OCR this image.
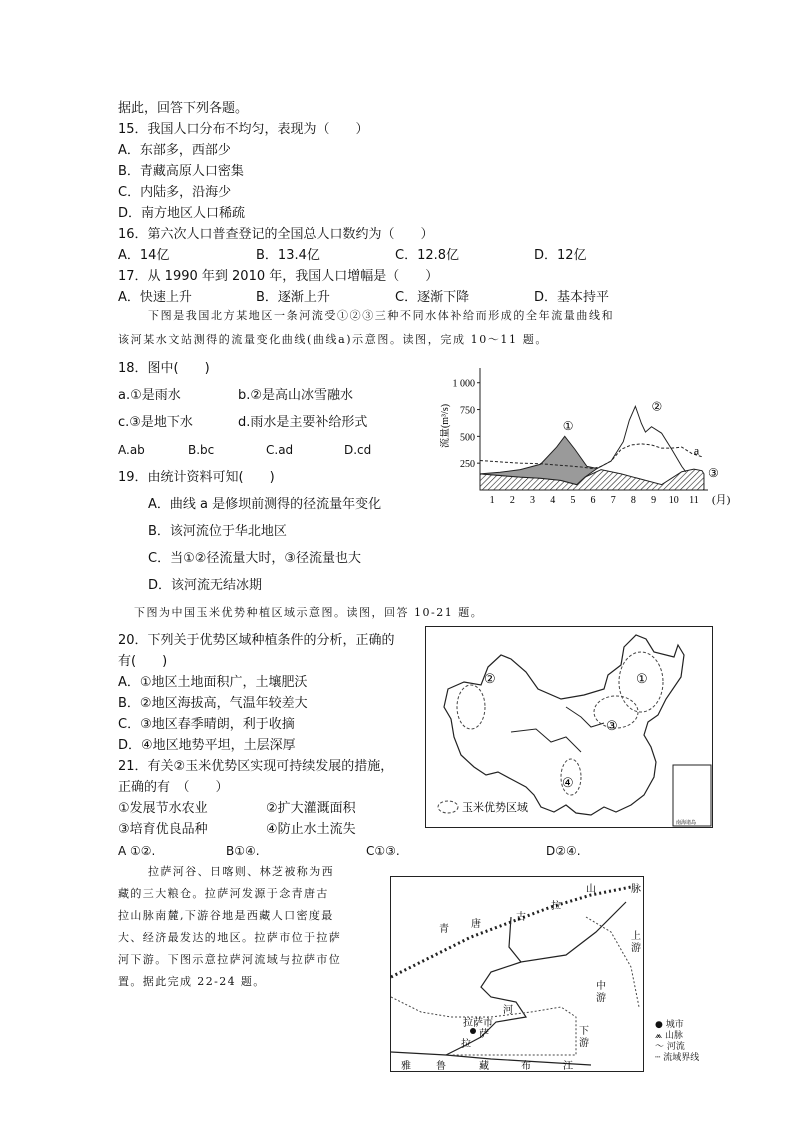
据此，回答下列各题。
15．我国人口分布不均匀，表现为（　　）
A．东部多，西部少
B．青藏高原人口密集
C．内陆多，沿海少
D．南方地区人口稀疏
16．第六次人口普查登记的全国总人口数约为（　　）
A．14亿	B．13.4亿	C．12.8亿	D．12亿
17．从 1990 年到 2010 年，我国人口增幅是（　　）
A．快速上升	B．逐渐上升	C．逐渐下降	D．基本持平
下图是我国北方某地区一条河流受①②③三种不同水体补给而形成的全年流量曲线和
该河某水文站测得的流量变化曲线(曲线a)示意图。读图，完成 10～11 题。
18．图中(　　)
a.①是雨水	b.②是高山冰雪融水
c.③是地下水	d.雨水是主要补给形式
A.ab	B.bc	C.ad	D.cd
250
500
750
1 000
1 2 3 4 5 6 7 8 9 10 11
①
②
③
a
流量(m³/s)
(月)
19．由统计资料可知(　　)
A．曲线 a 是修坝前测得的径流量年变化
B．该河流位于华北地区
C．当①②径流量大时，③径流量也大
D．该河流无结冰期
下图为中国玉米优势种植区域示意图。读图，回答 10-21 题。
20．下列关于优势区域种植条件的分析，正确的
有(　　)
A．①地区土地面积广，土壤肥沃
B．②地区海拔高，气温年较差大
C．③地区春季晴朗，利于收摘
D．④地区地势平坦，土层深厚
21．有关②玉米优势区实现可持续发展的措施，
正确的有　（　　）
①发展节水农业	②扩大灌溉面积
③培育优良品种	④防止水土流失
A ①②.	B①④.	C①③.	D②④.
①
②
③
④
玉米优势区域
南海诸岛
拉萨河谷、日喀则、林芝被称为西
藏的三大粮仓。拉萨河发源于念青唐古
拉山脉南麓,下游谷地是西藏人口密度最
大、经济最发达的地区。拉萨市位于拉萨
河下游。下图示意拉萨河流域与拉萨市位
置。据此完成 22-24 题。
拉萨市
青 唐
古
拉
山	脉
上
游
中
游
下
游
拉
萨
河
雅	鲁	藏	布	江
● 城市
⩕ 山脉
〜 河流
┄ 流域界线
